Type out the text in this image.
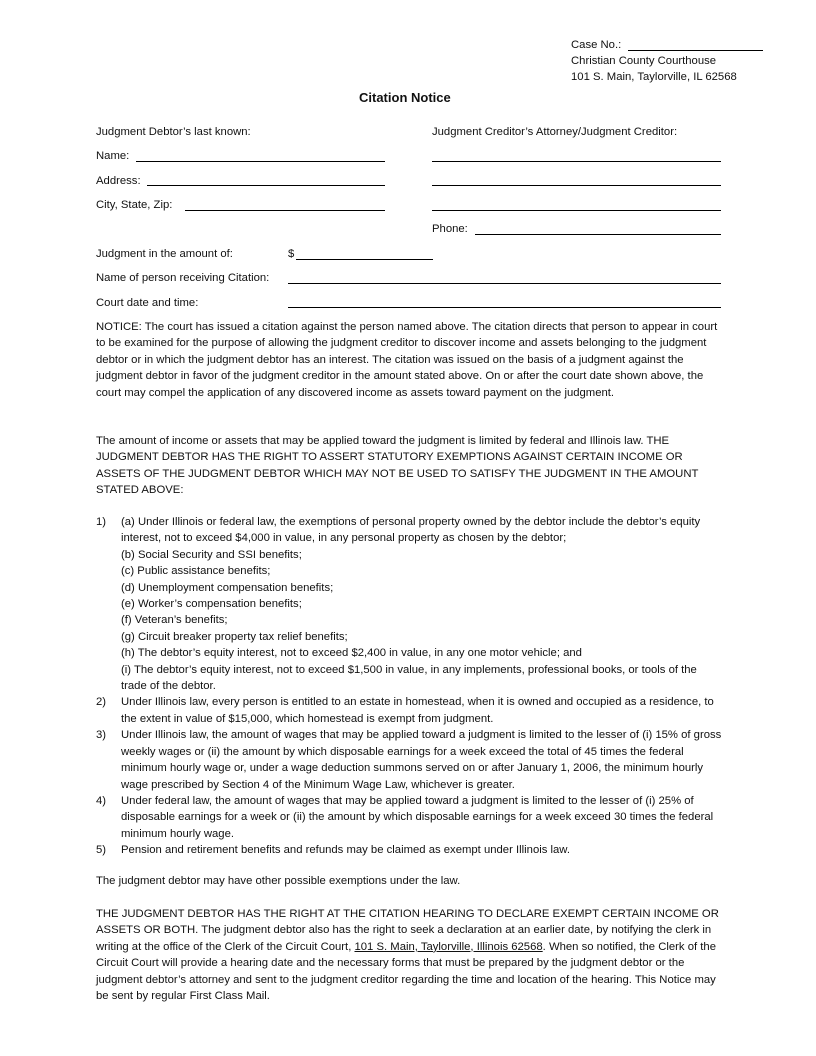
Case No.:
Christian County Courthouse
101 S. Main, Taylorville, IL 62568
Citation Notice
Judgment Debtor’s last known:	Judgment Creditor’s Attorney/Judgment Creditor:
Name:
Address:
City, State, Zip:
Phone:
Judgment in the amount of:	$
Name of person receiving Citation:
Court date and time:
NOTICE: The court has issued a citation against the person named above. The citation directs that person to appear in court to be examined for the purpose of allowing the judgment creditor to discover income and assets belonging to the judgment debtor or in which the judgment debtor has an interest. The citation was issued on the basis of a judgment against the judgment debtor in favor of the judgment creditor in the amount stated above. On or after the court date shown above, the court may compel the application of any discovered income as assets toward payment on the judgment.
The amount of income or assets that may be applied toward the judgment is limited by federal and Illinois law. THE JUDGMENT DEBTOR HAS THE RIGHT TO ASSERT STATUTORY EXEMPTIONS AGAINST CERTAIN INCOME OR ASSETS OF THE JUDGMENT DEBTOR WHICH MAY NOT BE USED TO SATISFY THE JUDGMENT IN THE AMOUNT STATED ABOVE:
1) (a) Under Illinois or federal law, the exemptions of personal property owned by the debtor include the debtor’s equity interest, not to exceed $4,000 in value, in any personal property as chosen by the debtor;
(b) Social Security and SSI benefits;
(c) Public assistance benefits;
(d) Unemployment compensation benefits;
(e) Worker’s compensation benefits;
(f) Veteran’s benefits;
(g) Circuit breaker property tax relief benefits;
(h) The debtor’s equity interest, not to exceed $2,400 in value, in any one motor vehicle; and
(i) The debtor’s equity interest, not to exceed $1,500 in value, in any implements, professional books, or tools of the trade of the debtor.
2) Under Illinois law, every person is entitled to an estate in homestead, when it is owned and occupied as a residence, to the extent in value of $15,000, which homestead is exempt from judgment.
3) Under Illinois law, the amount of wages that may be applied toward a judgment is limited to the lesser of (i) 15% of gross weekly wages or (ii) the amount by which disposable earnings for a week exceed the total of 45 times the federal minimum hourly wage or, under a wage deduction summons served on or after January 1, 2006, the minimum hourly wage prescribed by Section 4 of the Minimum Wage Law, whichever is greater.
4) Under federal law, the amount of wages that may be applied toward a judgment is limited to the lesser of (i) 25% of disposable earnings for a week or (ii) the amount by which disposable earnings for a week exceed 30 times the federal minimum hourly wage.
5) Pension and retirement benefits and refunds may be claimed as exempt under Illinois law.
The judgment debtor may have other possible exemptions under the law.
THE JUDGMENT DEBTOR HAS THE RIGHT AT THE CITATION HEARING TO DECLARE EXEMPT CERTAIN INCOME OR ASSETS OR BOTH. The judgment debtor also has the right to seek a declaration at an earlier date, by notifying the clerk in writing at the office of the Clerk of the Circuit Court, 101 S. Main, Taylorville, Illinois 62568. When so notified, the Clerk of the Circuit Court will provide a hearing date and the necessary forms that must be prepared by the judgment debtor or the judgment debtor’s attorney and sent to the judgment creditor regarding the time and location of the hearing. This Notice may be sent by regular First Class Mail.
